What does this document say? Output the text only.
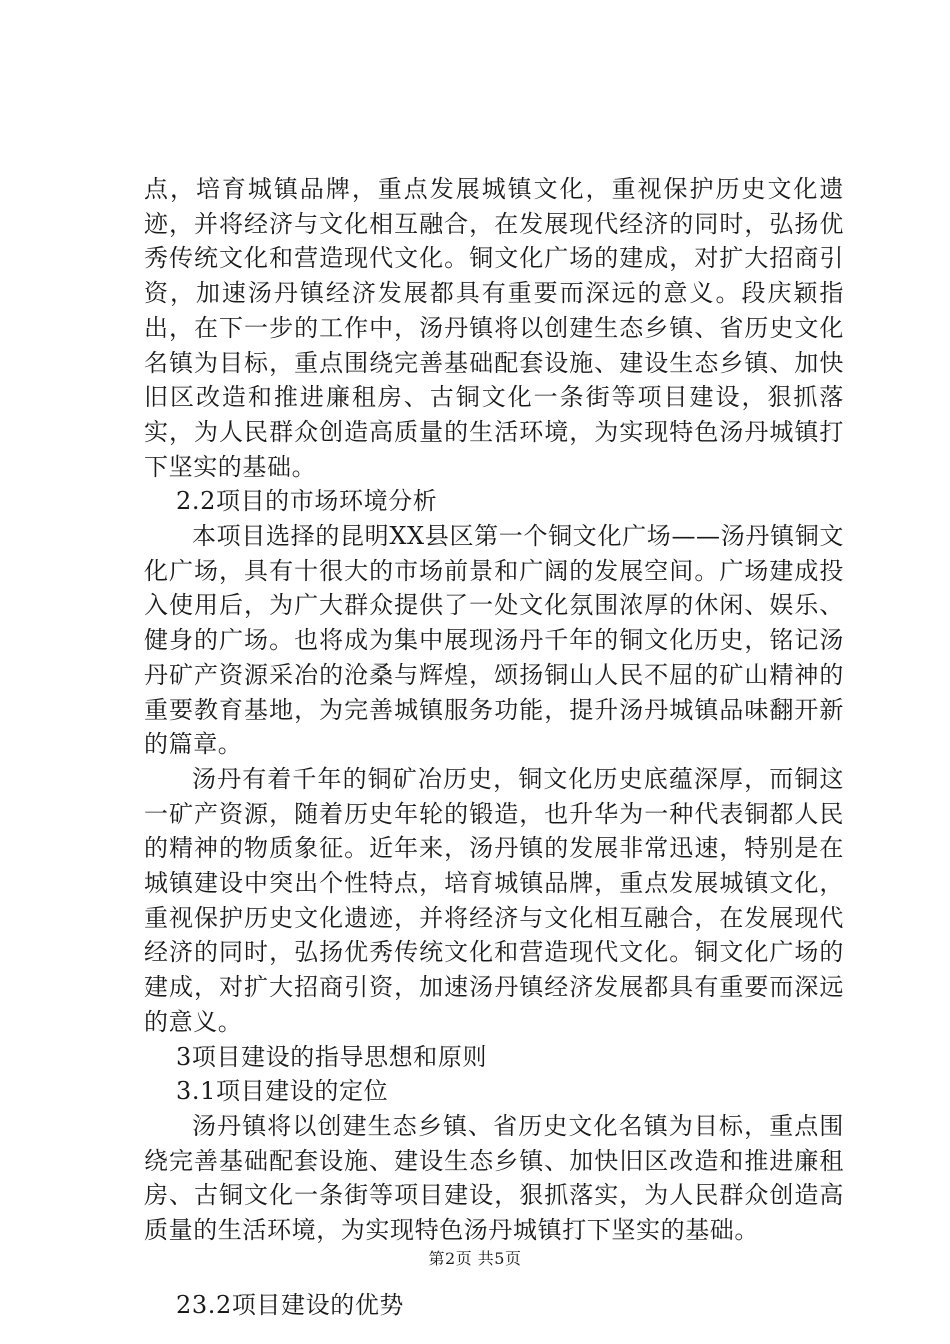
点，培育城镇品牌，重点发展城镇文化，重视保护历史文化遗迹，并将经济与文化相互融合，在发展现代经济的同时，弘扬优秀传统文化和营造现代文化。铜文化广场的建成，对扩大招商引资，加速汤丹镇经济发展都具有重要而深远的意义。段庆颖指出，在下一步的工作中，汤丹镇将以创建生态乡镇、省历史文化名镇为目标，重点围绕完善基础配套设施、建设生态乡镇、加快旧区改造和推进廉租房、古铜文化一条街等项目建设，狠抓落实，为人民群众创造高质量的生活环境，为实现特色汤丹城镇打下坚实的基础。

2.2项目的市场环境分析

本项目选择的昆明XX县区第一个铜文化广场——汤丹镇铜文化广场，具有十很大的市场前景和广阔的发展空间。广场建成投入使用后，为广大群众提供了一处文化氛围浓厚的休闲、娱乐、健身的广场。也将成为集中展现汤丹千年的铜文化历史，铭记汤丹矿产资源采冶的沧桑与辉煌，颂扬铜山人民不屈的矿山精神的重要教育基地，为完善城镇服务功能，提升汤丹城镇品味翻开新的篇章。

汤丹有着千年的铜矿冶历史，铜文化历史底蕴深厚，而铜这一矿产资源，随着历史年轮的锻造，也升华为一种代表铜都人民的精神的物质象征。近年来，汤丹镇的发展非常迅速，特别是在城镇建设中突出个性特点，培育城镇品牌，重点发展城镇文化，重视保护历史文化遗迹，并将经济与文化相互融合，在发展现代经济的同时，弘扬优秀传统文化和营造现代文化。铜文化广场的建成，对扩大招商引资，加速汤丹镇经济发展都具有重要而深远的意义。

3项目建设的指导思想和原则

3.1项目建设的定位

汤丹镇将以创建生态乡镇、省历史文化名镇为目标，重点围绕完善基础配套设施、建设生态乡镇、加快旧区改造和推进廉租房、古铜文化一条街等项目建设，狠抓落实，为人民群众创造高质量的生活环境，为实现特色汤丹城镇打下坚实的基础。

23.2项目建设的优势

第2页 共5页
